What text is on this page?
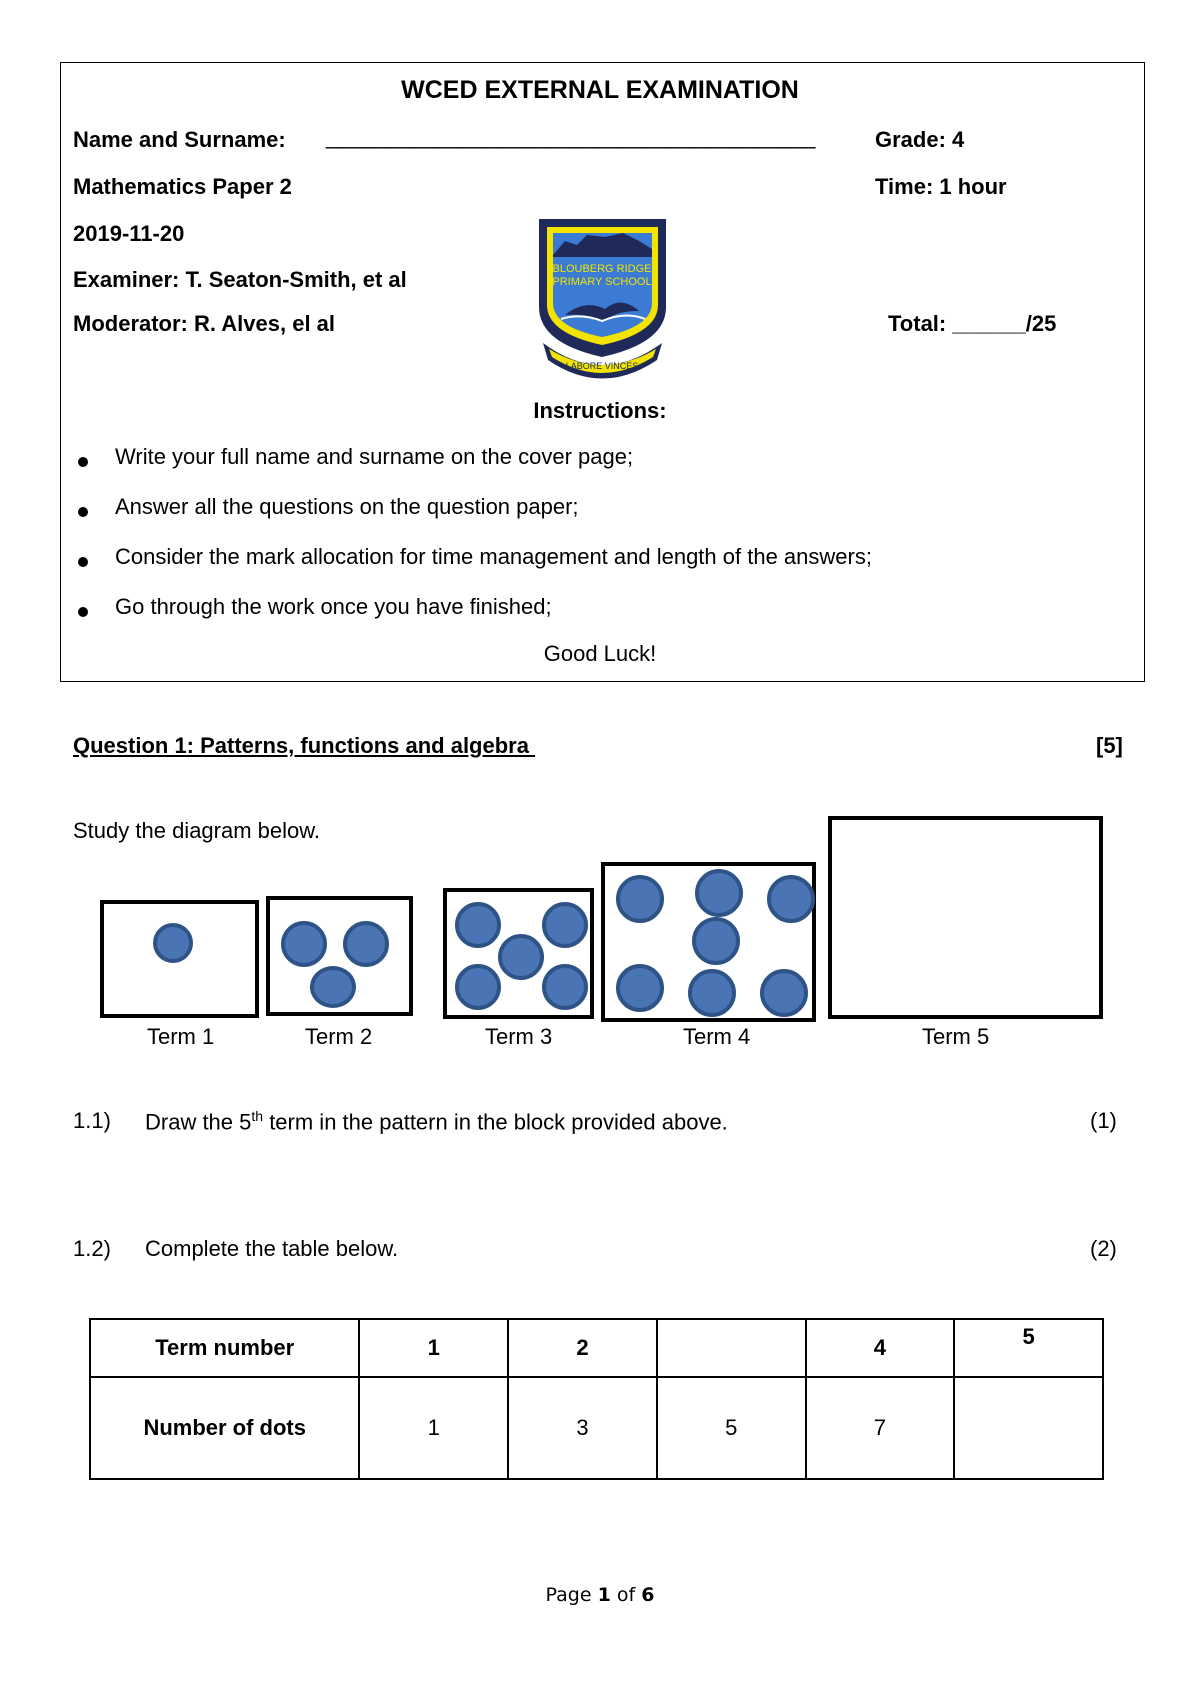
WCED EXTERNAL EXAMINATION
Name and Surname: ________________________________________	Grade: 4
Mathematics Paper 2	Time: 1 hour
2019-11-20
Examiner: T. Seaton-Smith, et al
Moderator: R. Alves, el al	Total: ______/25
BLOUBERG RIDGE
PRIMARY SCHOOL
LABORE VINCES
Instructions:
Write your full name and surname on the cover page;
Answer all the questions on the question paper;
Consider the mark allocation for time management and length of the answers;
Go through the work once you have finished;
Good Luck!
Question 1: Patterns, functions and algebra	[5]
Study the diagram below.
Term 1	Term 2	Term 3	Term 4	Term 5
1.1) Draw the 5th term in the pattern in the block provided above.	(1)
1.2) Complete the table below.	(2)
Term number	1	2		4	5
Number of dots	1	3	5	7	
Page 1 of 6
